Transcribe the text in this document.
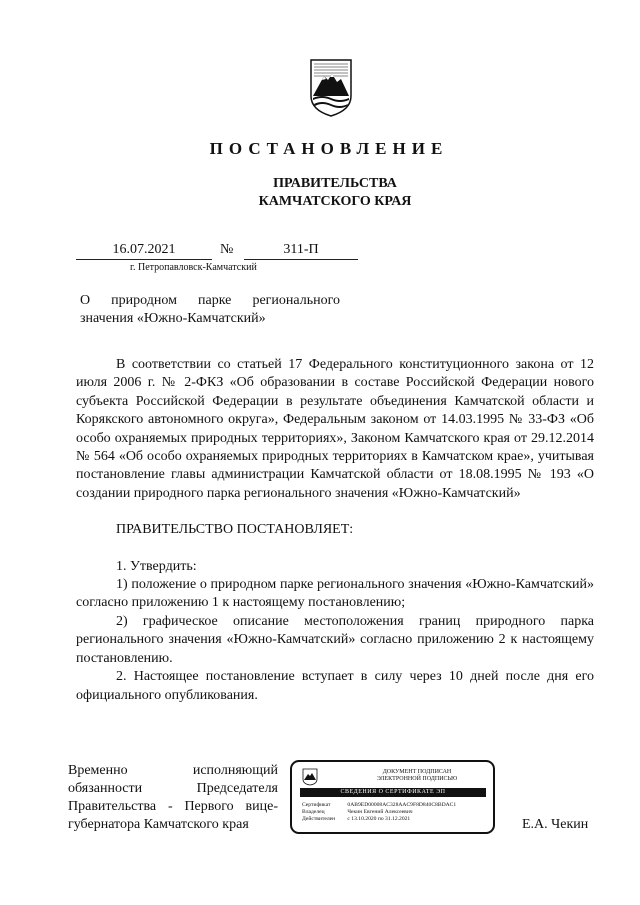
ПОСТАНОВЛЕНИЕ
ПРАВИТЕЛЬСТВА
КАМЧАТСКОГО КРАЯ
16.07.2021	№	311-П
г. Петропавловск-Камчатский
О природном парке регионального
значения «Южно-Камчатский»

В соответствии со статьей 17 Федерального конституционного закона от 12 июля 2006 г. № 2-ФКЗ «Об образовании в составе Российской Федерации нового субъекта Российской Федерации в результате объединения Камчатской области и Корякского автономного округа», Федеральным законом от 14.03.1995 № 33-ФЗ «Об особо охраняемых природных территориях», Законом Камчатского края от 29.12.2014 № 564 «Об особо охраняемых природных территориях в Камчатском крае», учитывая постановление главы администрации Камчатской области от 18.08.1995 № 193 «О создании природного парка регионального значения «Южно-Камчатский»

ПРАВИТЕЛЬСТВО ПОСТАНОВЛЯЕТ:

1. Утвердить:

1) положение о природном парке регионального значения «Южно-Камчатский» согласно приложению 1 к настоящему постановлению;

2) графическое описание местоположения границ природного парка регионального значения «Южно-Камчатский» согласно приложению 2 к настоящему постановлению.

2. Настоящее постановление вступает в силу через 10 дней после дня его официального опубликования.

Временно исполняющий
обязанности Председателя
Правительства - Первого вице-
губернатора Камчатского края
ДОКУМЕНТ ПОДПИСАН
ЭЛЕКТРОННОЙ ПОДПИСЬЮ
СВЕДЕНИЯ О СЕРТИФИКАТЕ ЭП
Сертификат	0AB9ED00008AC328AAC9F8D840C8BDAC1
Владелец	Чекин Евгений Алексеевич
Действителен с 13.10.2020 по 31.12.2021	Е.А. Чекин
